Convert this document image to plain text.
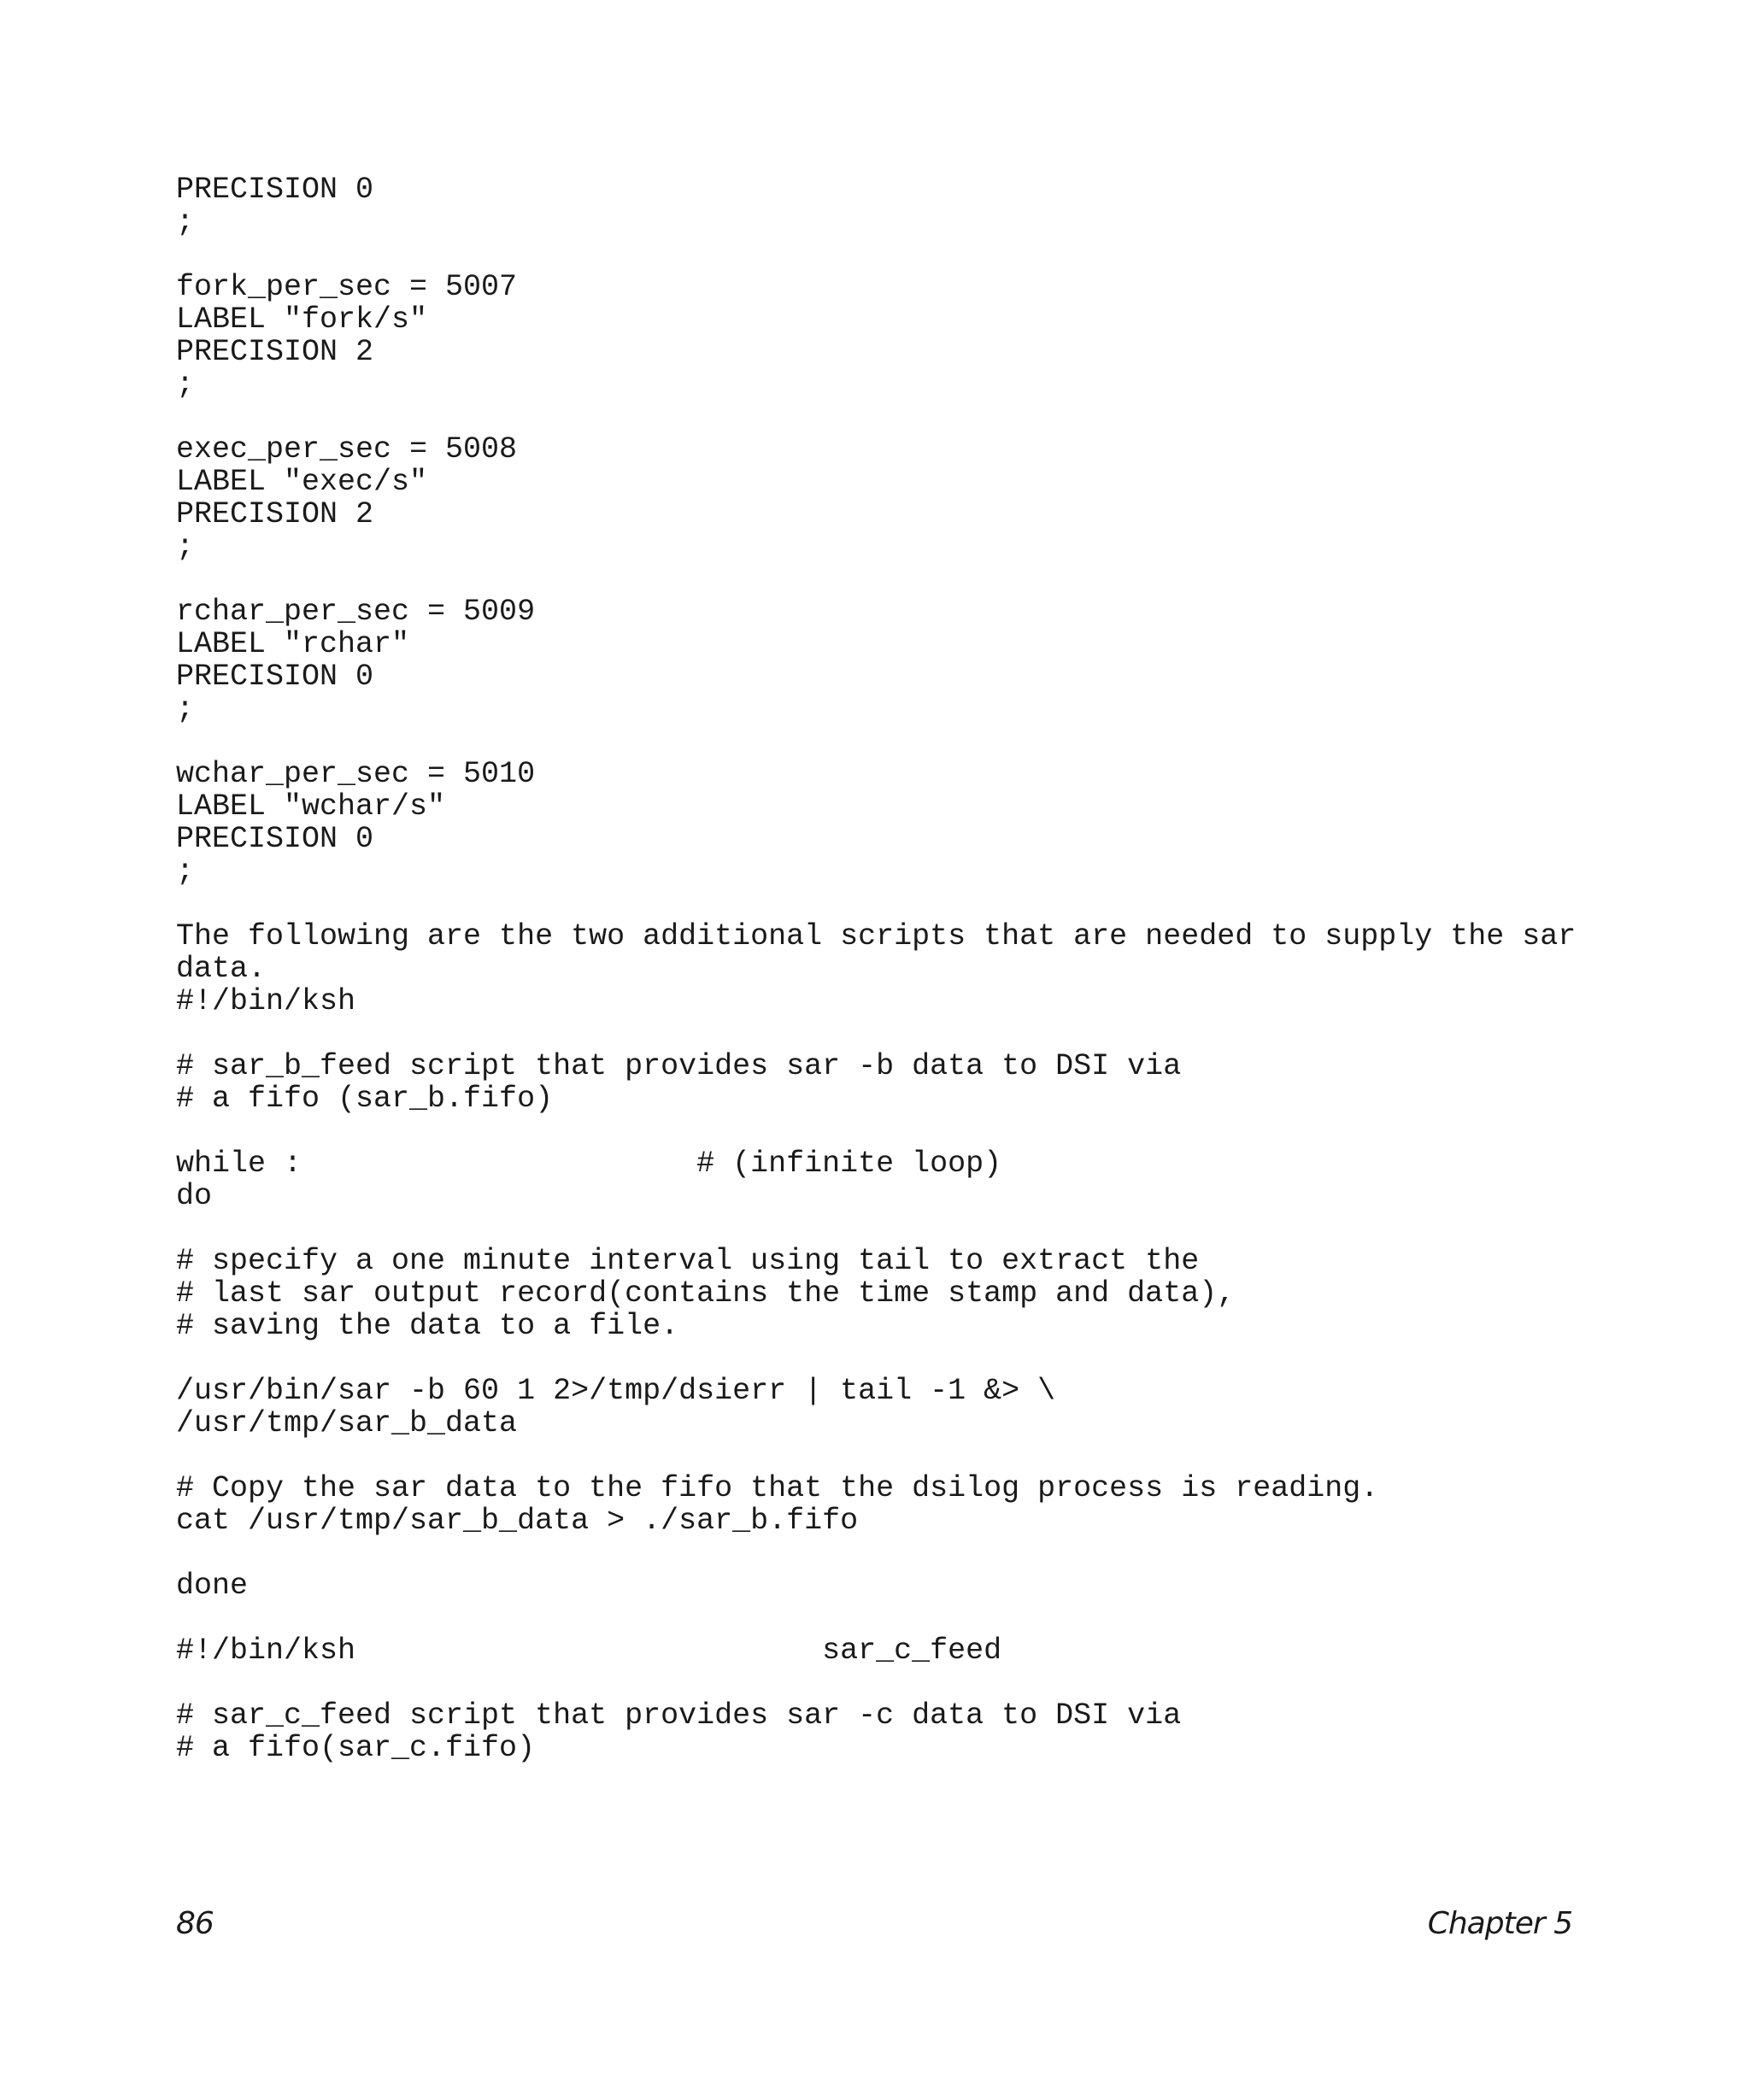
PRECISION 0
;
fork_per_sec = 5007
LABEL "fork/s"
PRECISION 2
;
exec_per_sec = 5008
LABEL "exec/s"
PRECISION 2
;
rchar_per_sec = 5009
LABEL "rchar"
PRECISION 0
;
wchar_per_sec = 5010
LABEL "wchar/s"
PRECISION 0
;
The following are the two additional scripts that are needed to supply the sar
data.
#!/bin/ksh
# sar_b_feed script that provides sar -b data to DSI via
# a fifo (sar_b.fifo)
while :                      # (infinite loop)
do
# specify a one minute interval using tail to extract the
# last sar output record(contains the time stamp and data),
# saving the data to a file.
/usr/bin/sar -b 60 1 2>/tmp/dsierr | tail -1 &> \
/usr/tmp/sar_b_data
# Copy the sar data to the fifo that the dsilog process is reading.
cat /usr/tmp/sar_b_data > ./sar_b.fifo
done
#!/bin/ksh                          sar_c_feed
# sar_c_feed script that provides sar -c data to DSI via
# a fifo(sar_c.fifo)
86	Chapter 5
